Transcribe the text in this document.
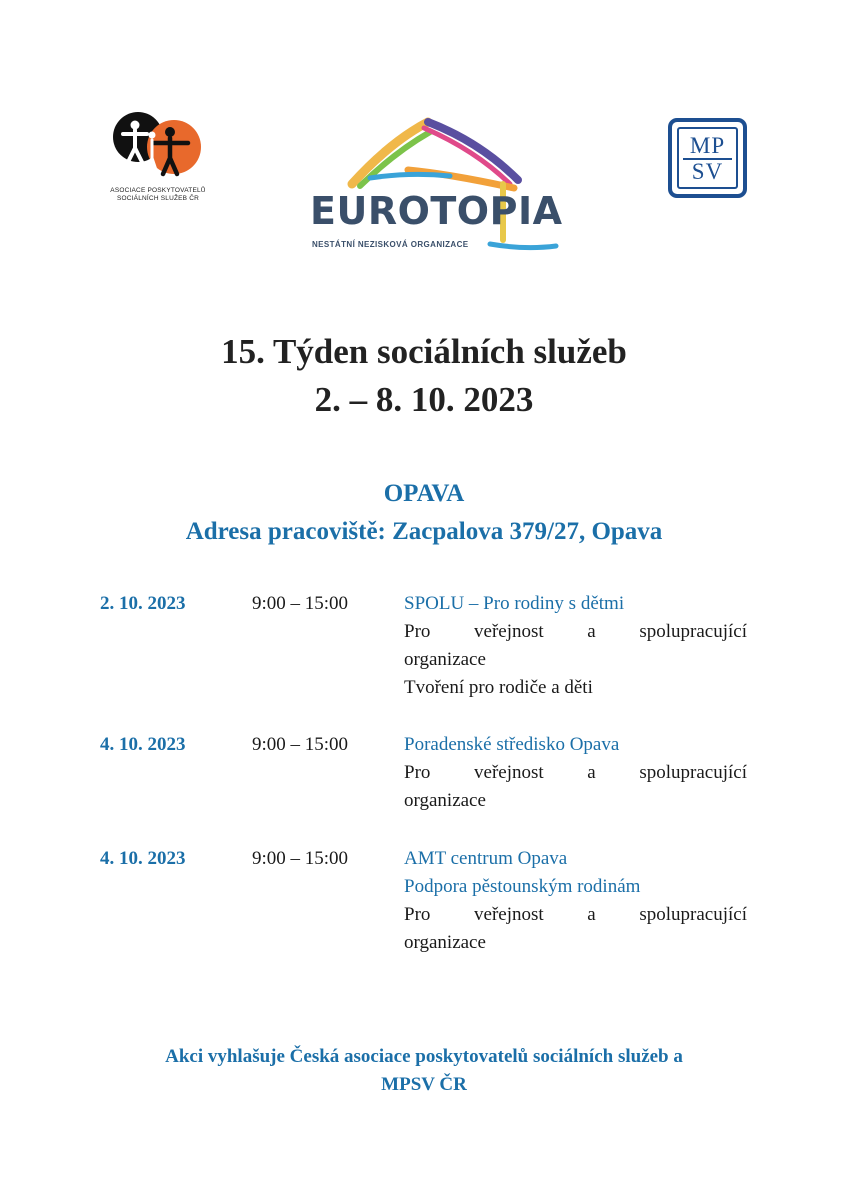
ASOCIACE POSKYTOVATELŮ
SOCIÁLNÍCH SLUŽEB ČR	EUROTOPIA
NESTÁTNÍ NEZISKOVÁ ORGANIZACE
MP
SV
15. Týden sociálních služeb
2. – 8. 10. 2023
OPAVA
Adresa pracoviště: Zacpalova 379/27, Opava
2. 10. 2023	9:00 – 15:00	SPOLU – Pro rodiny s dětmi
Pro veřejnost a spolupracující
organizace
Tvoření pro rodiče a děti
4. 10. 2023	9:00 – 15:00	Poradenské středisko Opava
Pro veřejnost a spolupracující
organizace
4. 10. 2023	9:00 – 15:00	AMT centrum Opava
Podpora pěstounským rodinám
Pro veřejnost a spolupracující
organizace
Akci vyhlašuje Česká asociace poskytovatelů sociálních služeb a
MPSV ČR
